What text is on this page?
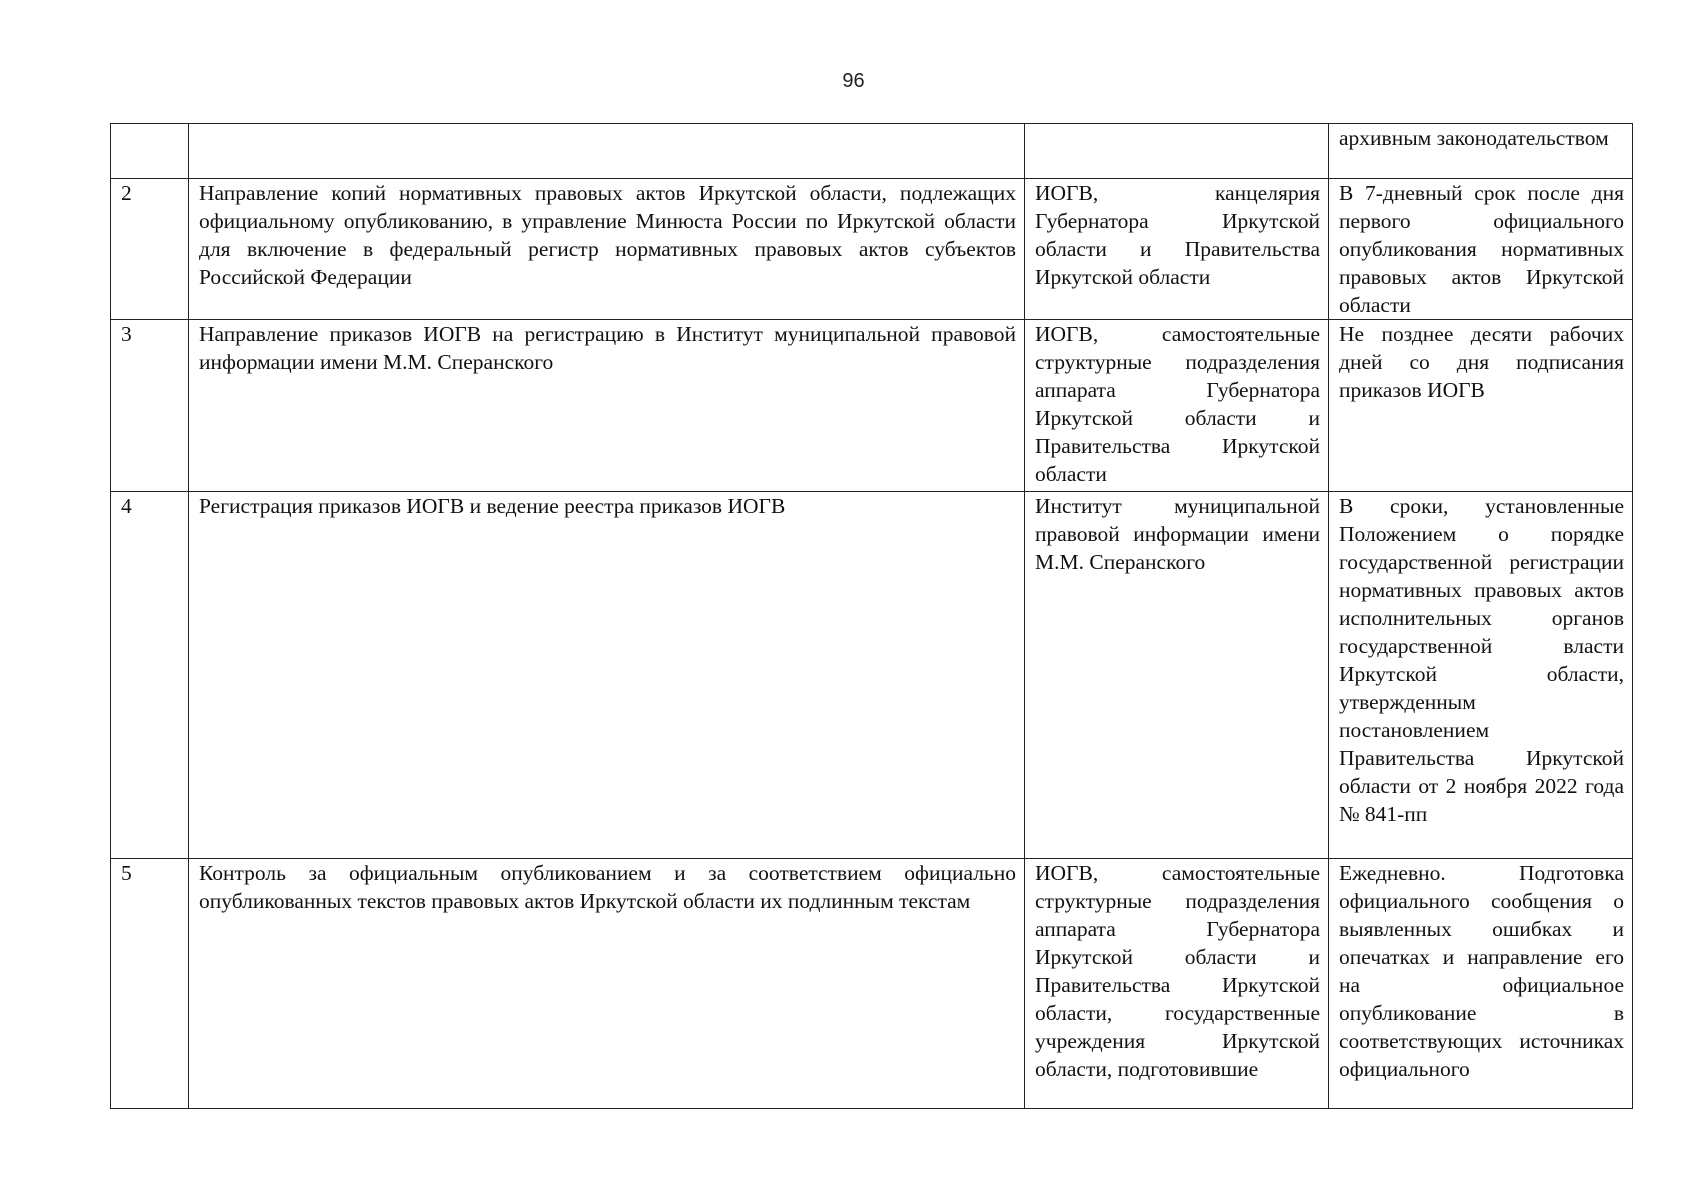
96
			архивным законодательством
2	Направление копий нормативных правовых актов Иркутской области, подлежащих официальному опубликованию, в управление Минюста России по Иркутской области для включение в федеральный регистр нормативных правовых актов субъектов Российской Федерации	ИОГВ, канцелярия Губернатора Иркутской области и Правительства Иркутской области	В 7-дневный срок после дня первого официального опубликования нормативных правовых актов Иркутской области
3	Направление приказов ИОГВ на регистрацию в Институт муниципальной правовой информации имени М.М. Сперанского	ИОГВ, самостоятельные структурные подразделения аппарата Губернатора Иркутской области и Правительства Иркутской области	Не позднее десяти рабочих дней со дня подписания приказов ИОГВ
4	Регистрация приказов ИОГВ и ведение реестра приказов ИОГВ	Институт муниципальной правовой информации имени М.М. Сперанского	В сроки, установленные Положением о порядке государственной регистрации нормативных правовых актов исполнительных органов государственной власти Иркутской области, утвержденным постановлением Правительства Иркутской области от 2 ноября 2022 года № 841-пп
5	Контроль за официальным опубликованием и за соответствием официально опубликованных текстов правовых актов Иркутской области их подлинным текстам	ИОГВ, самостоятельные структурные подразделения аппарата Губернатора Иркутской области и Правительства Иркутской области, государственные учреждения Иркутской области, подготовившие	Ежедневно. Подготовка официального сообщения о выявленных ошибках и опечатках и направление его на официальное опубликование в соответствующих источниках официального
